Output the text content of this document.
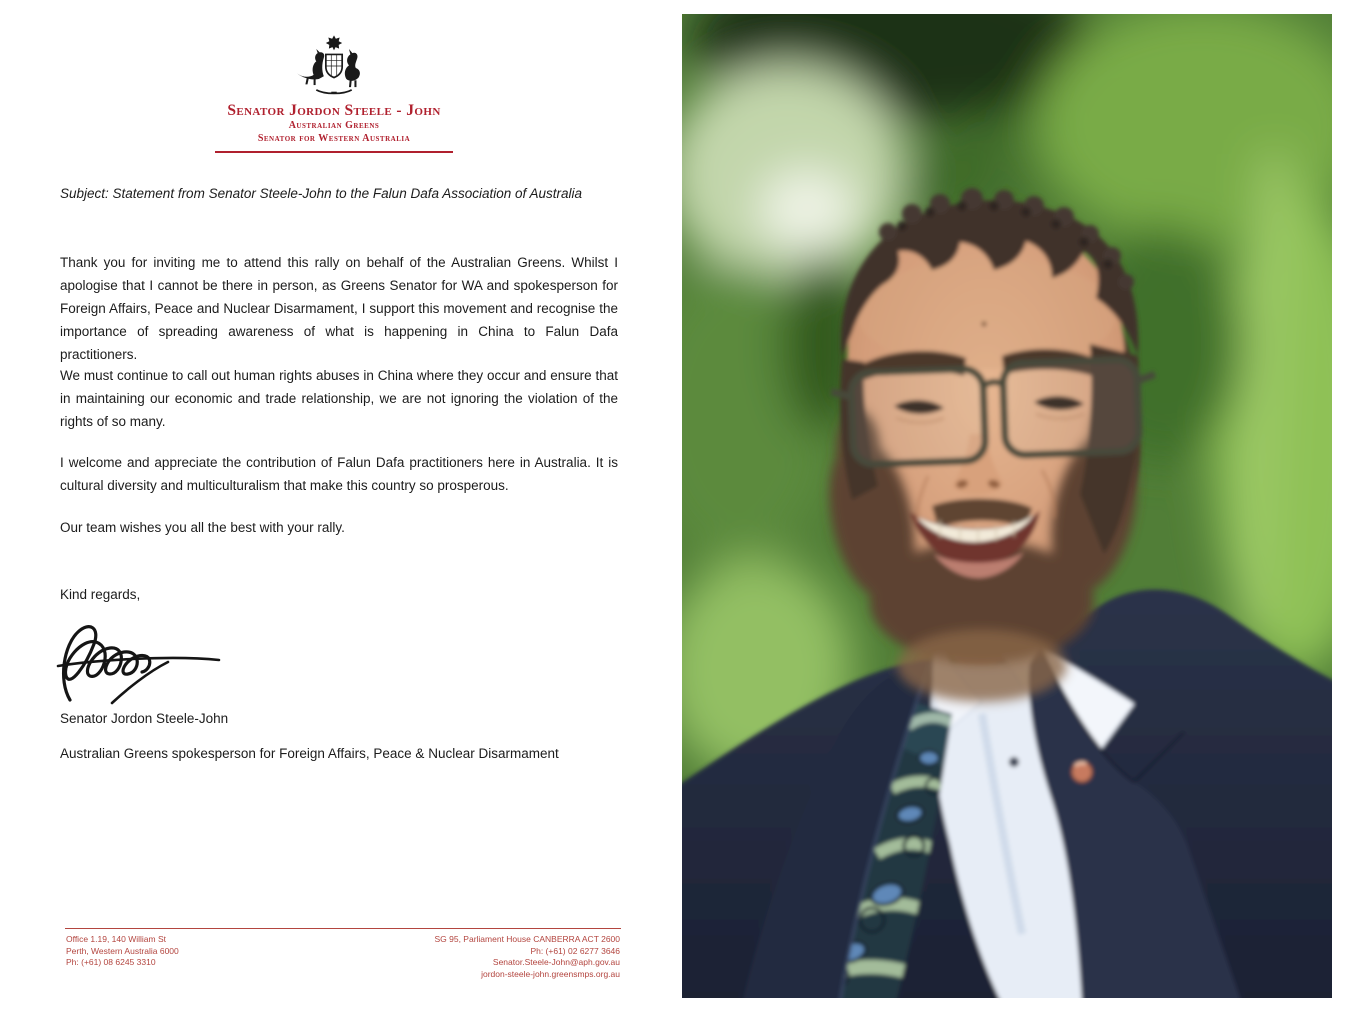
Senator Jordon Steele - John
Australian Greens
Senator for Western Australia
Subject: Statement from Senator Steele-John to the Falun Dafa Association of Australia
Thank you for inviting me to attend this rally on behalf of the Australian Greens. Whilst I apologise that I cannot be there in person, as Greens Senator for WA and spokesperson for Foreign Affairs, Peace and Nuclear Disarmament, I support this movement and recognise the importance of spreading awareness of what is happening in China to Falun Dafa practitioners.
We must continue to call out human rights abuses in China where they occur and ensure that in maintaining our economic and trade relationship, we are not ignoring the violation of the rights of so many.
I welcome and appreciate the contribution of Falun Dafa practitioners here in Australia. It is cultural diversity and multiculturalism that make this country so prosperous.
Our team wishes you all the best with your rally.
Kind regards,
Senator Jordon Steele-John
Australian Greens spokesperson for Foreign Affairs, Peace & Nuclear Disarmament
Office 1.19, 140 William St
Perth, Western Australia 6000
Ph: (+61) 08 6245 3310
SG 95, Parliament House CANBERRA ACT 2600
Ph: (+61) 02 6277 3646
Senator.Steele-John@aph.gov.au
jordon-steele-john.greensmps.org.au
